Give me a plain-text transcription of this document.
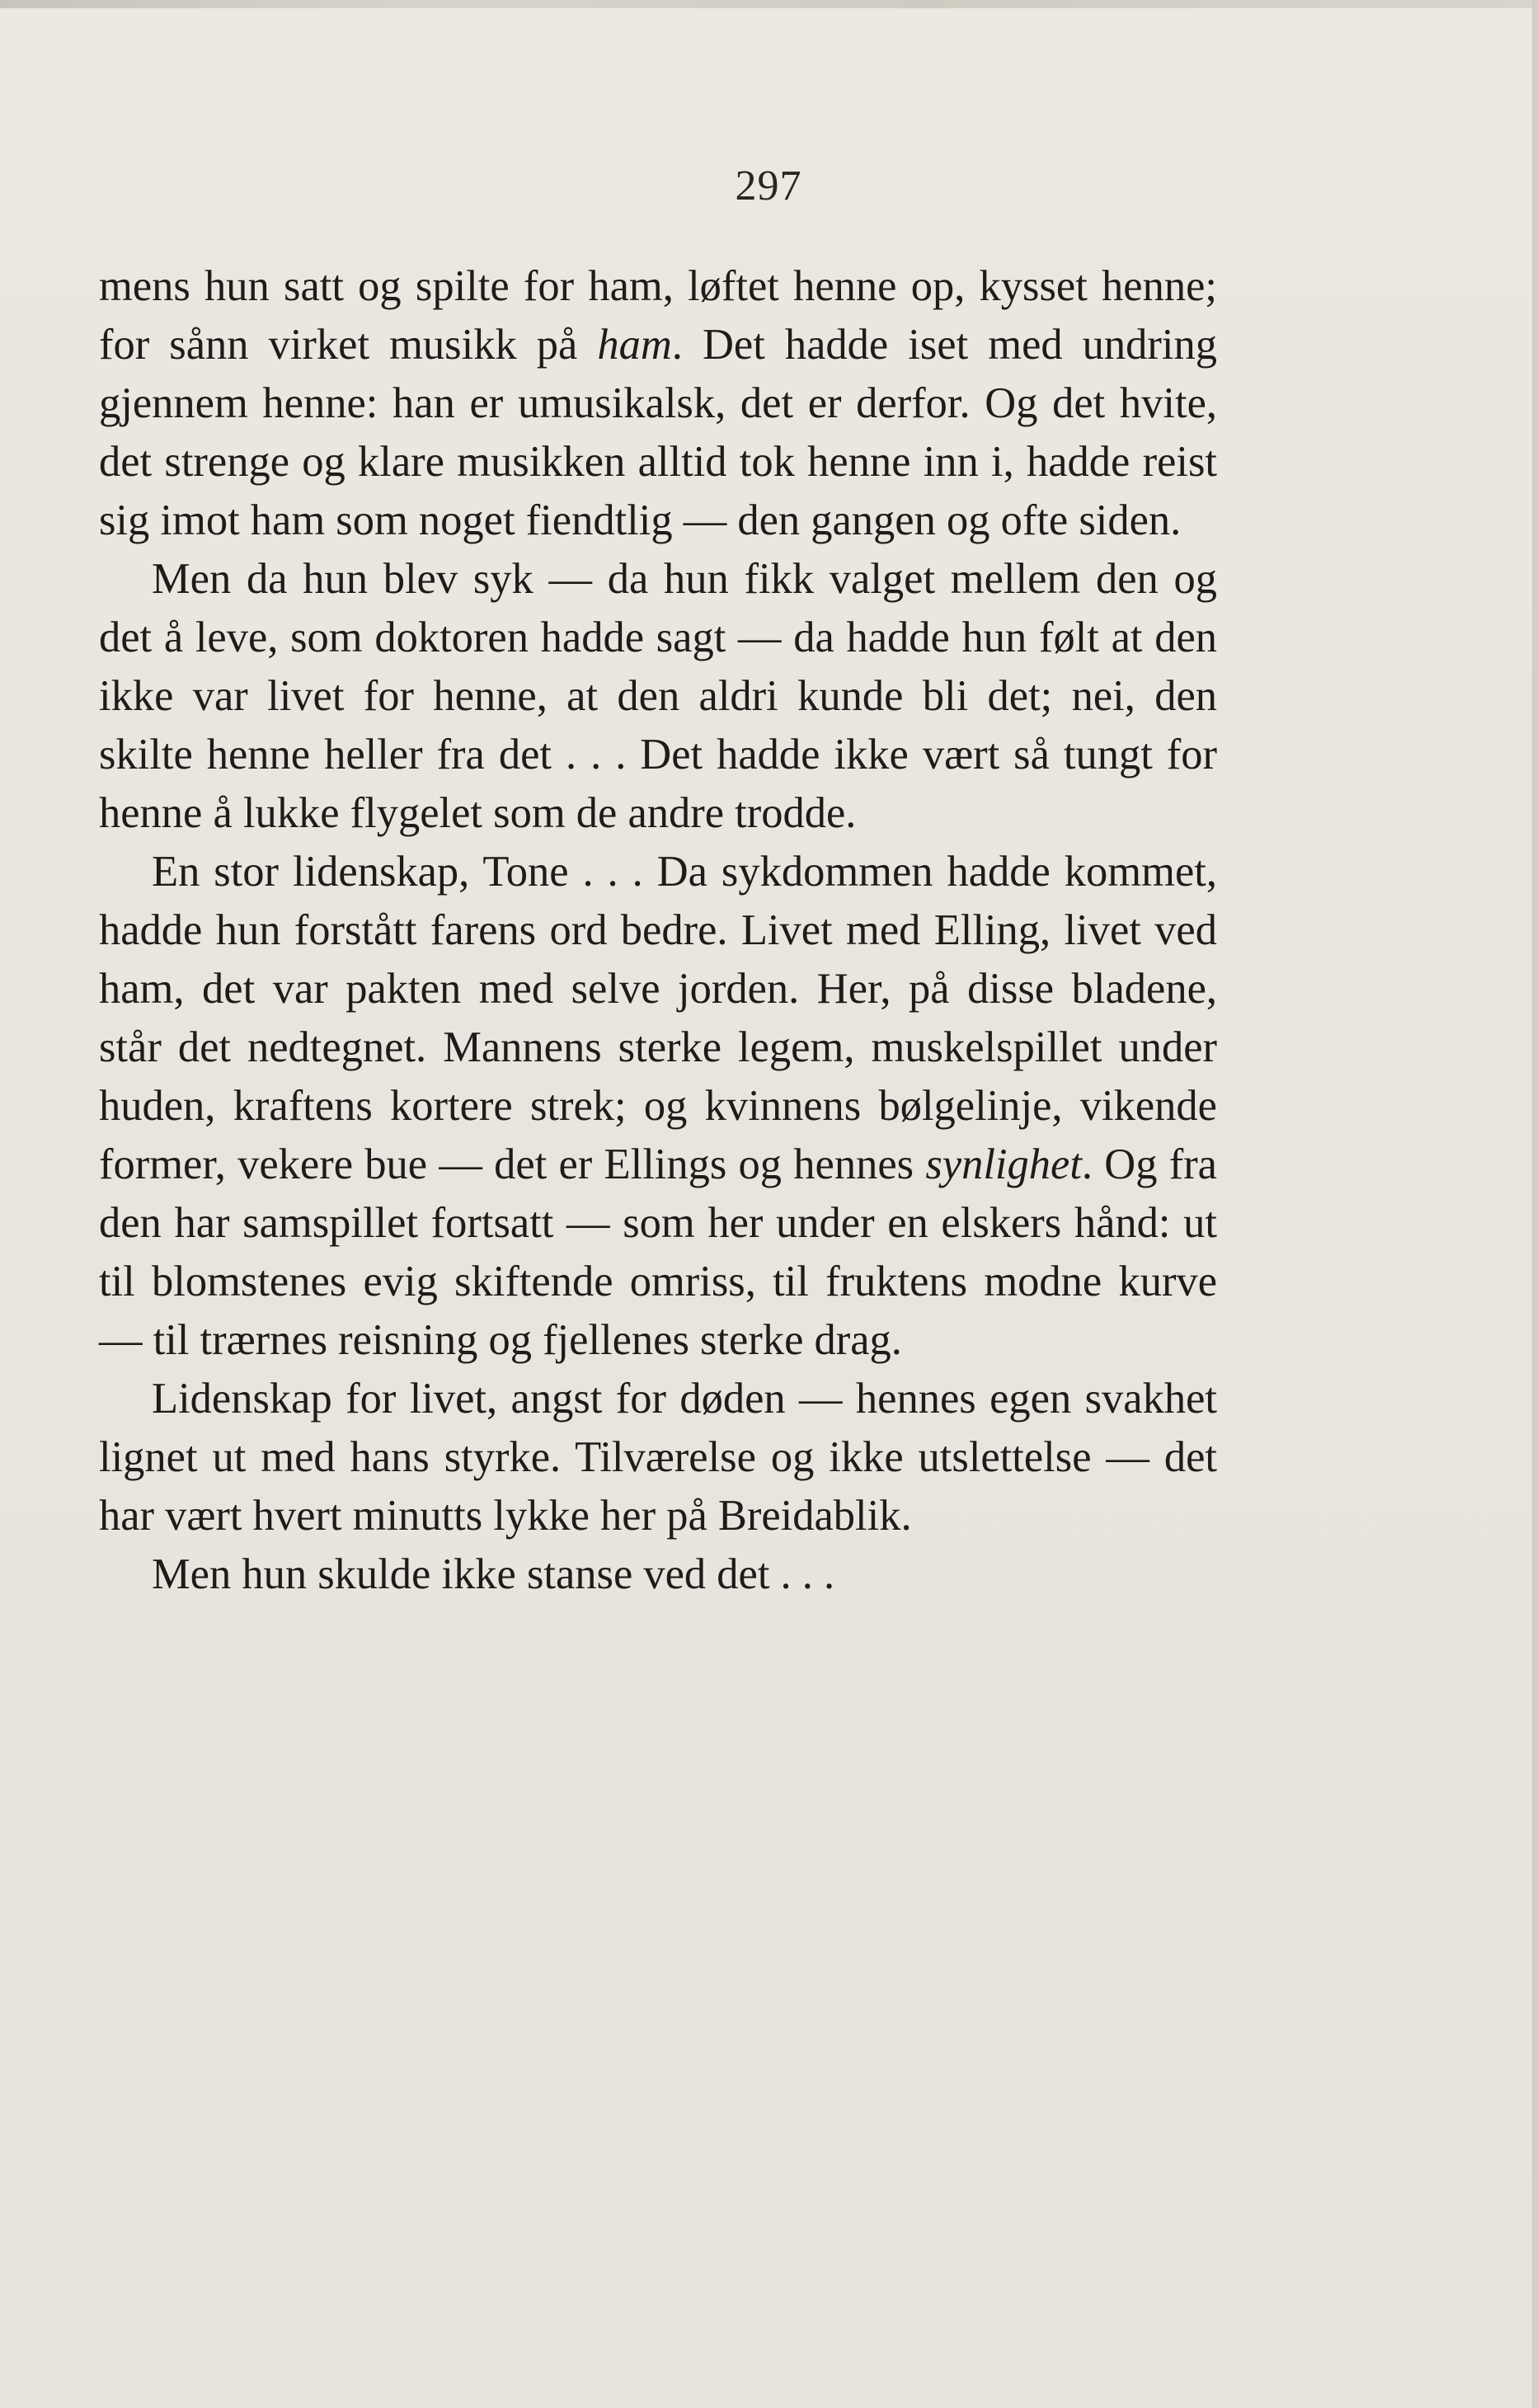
297

mens hun satt og spilte for ham, løftet henne op, kysset henne; for sånn virket musikk på ham. Det hadde iset med undring gjennem henne: han er umusikalsk, det er derfor. Og det hvite, det strenge og klare musikken alltid tok henne inn i, hadde reist sig imot ham som noget fiendtlig — den gangen og ofte siden.

Men da hun blev syk — da hun fikk valget mellem den og det å leve, som doktoren hadde sagt — da hadde hun følt at den ikke var livet for henne, at den aldri kunde bli det; nei, den skilte henne heller fra det . . . Det hadde ikke vært så tungt for henne å lukke flygelet som de andre trodde.

En stor lidenskap, Tone . . . Da sykdommen hadde kommet, hadde hun forstått farens ord bedre. Livet med Elling, livet ved ham, det var pakten med selve jorden. Her, på disse bladene, står det nedtegnet. Mannens sterke legem, muskelspillet under huden, kraftens kortere strek; og kvinnens bølgelinje, vikende former, vekere bue — det er Ellings og hennes synlighet. Og fra den har samspillet fortsatt — som her under en elskers hånd: ut til blomstenes evig skiftende omriss, til fruktens modne kurve — til trærnes reisning og fjellenes sterke drag.

Lidenskap for livet, angst for døden — hennes egen svakhet lignet ut med hans styrke. Tilværelse og ikke utslettelse — det har vært hvert minutts lykke her på Breidablik.

Men hun skulde ikke stanse ved det . . .
